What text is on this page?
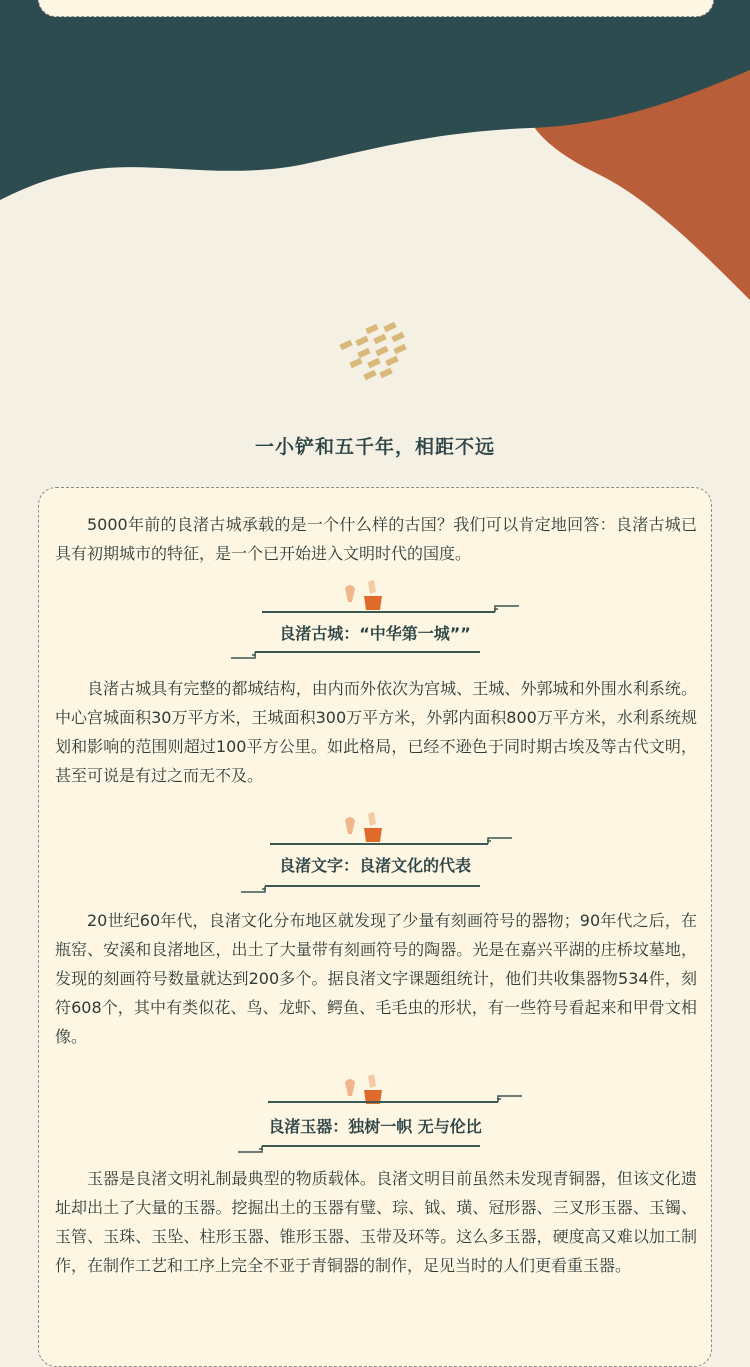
一小铲和五千年，相距不远

5000年前的良渚古城承载的是一个什么样的古国？我们可以肯定地回答：良渚古城已具有初期城市的特征，是一个已开始进入文明时代的国度。

良渚古城：“中华第一城””

良渚古城具有完整的都城结构，由内而外依次为宫城、王城、外郭城和外围水利系统。中心宫城面积30万平方米，王城面积300万平方米，外郭内面积800万平方米，水利系统规划和影响的范围则超过100平方公里。如此格局，已经不逊色于同时期古埃及等古代文明，甚至可说是有过之而无不及。

良渚文字：良渚文化的代表

20世纪60年代，良渚文化分布地区就发现了少量有刻画符号的器物；90年代之后，在瓶窑、安溪和良渚地区，出土了大量带有刻画符号的陶器。光是在嘉兴平湖的庄桥坟墓地，发现的刻画符号数量就达到200多个。据良渚文字课题组统计，他们共收集器物534件，刻符608个，其中有类似花、鸟、龙虾、鳄鱼、毛毛虫的形状，有一些符号看起来和甲骨文相像。

良渚玉器：独树一帜 无与伦比

玉器是良渚文明礼制最典型的物质载体。良渚文明目前虽然未发现青铜器，但该文化遗址却出土了大量的玉器。挖掘出土的玉器有璧、琮、钺、璜、冠形器、三叉形玉器、玉镯、玉管、玉珠、玉坠、柱形玉器、锥形玉器、玉带及环等。这么多玉器，硬度高又难以加工制作，在制作工艺和工序上完全不亚于青铜器的制作，足见当时的人们更看重玉器。
